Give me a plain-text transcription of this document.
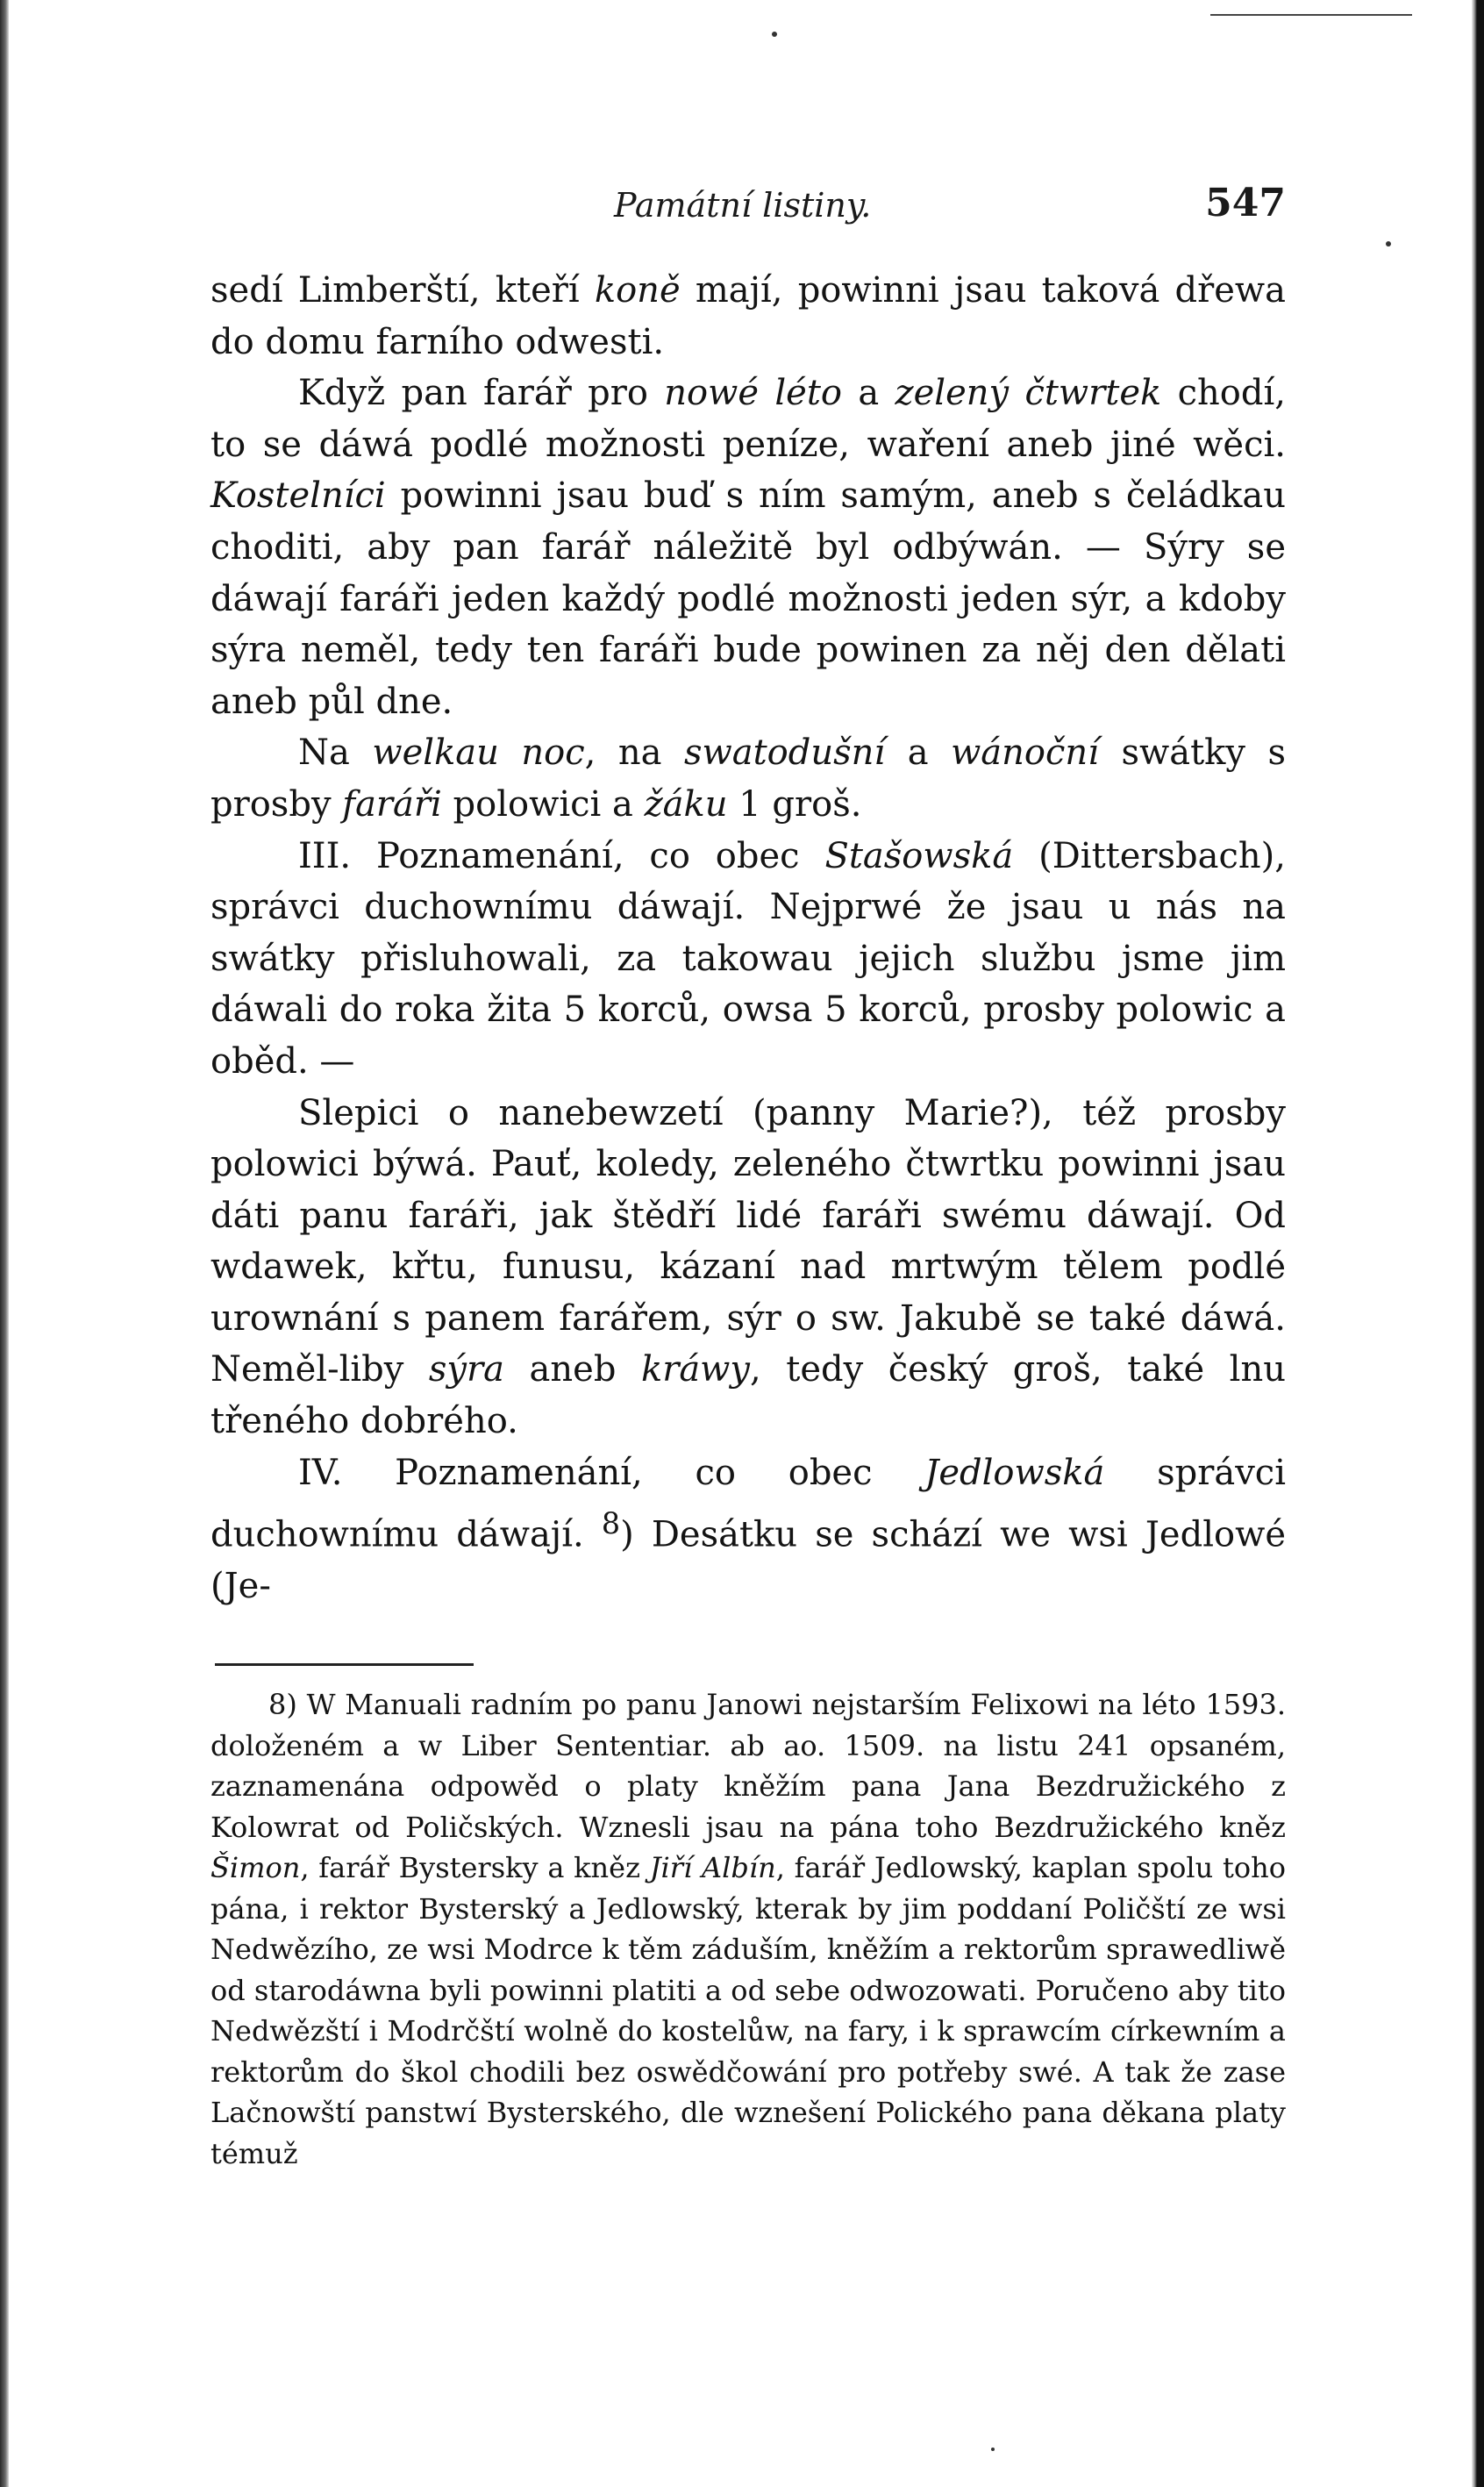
Památní listiny.	547

sedí Limberští, kteří koně mají, powinni jsau taková dřewa do domu farního odwesti.

Když pan farář pro nowé léto a zelený čtwrtek chodí, to se dáwá podlé možnosti peníze, waření aneb jiné wěci. Kostelníci powinni jsau buď s ním samým, aneb s čeládkau choditi, aby pan farář náležitě byl odbýwán. — Sýry se dáwají faráři jeden každý podlé možnosti jeden sýr, a kdoby sýra neměl, tedy ten faráři bude powinen za něj den dělati aneb půl dne.

Na welkau noc, na swatodušní a wánoční swátky s prosby faráři polowici a žáku 1 groš.

III. Poznamenání, co obec Stašowská (Dittersbach), správci duchownímu dáwají. Nejprwé že jsau u nás na swátky přisluhowali, za takowau jejich službu jsme jim dáwali do roka žita 5 korců, owsa 5 korců, prosby polowic a oběd. —

Slepici o nanebewzetí (panny Marie?), též prosby polowici býwá. Pauť, koledy, zeleného čtwrtku powinni jsau dáti panu faráři, jak štědří lidé faráři swému dáwají. Od wdawek, křtu, funusu, kázaní nad mrtwým tělem podlé urownání s panem farářem, sýr o sw. Jakubě se také dáwá. Neměl-liby sýra aneb kráwy, tedy český groš, také lnu třeného dobrého.

IV. Poznamenání, co obec Jedlowská správci duchownímu dáwají. $^8$) Desátku se schází we wsi Jedlowé (Je-

8) W Manuali radním po panu Janowi nejstarším Felixowi na léto 1593. doloženém a w Liber Sententiar. ab ao. 1509. na listu 241 opsaném, zaznamenána odpowěd o platy kněžím pana Jana Bezdružického z Kolowrat od Poličských. Wznesli jsau na pána toho Bezdružického kněz Šimon, farář Bystersky a kněz Jiří Albín, farář Jedlowský, kaplan spolu toho pána, i rektor Bysterský a Jedlowský, kterak by jim poddaní Poličští ze wsi Nedwězího, ze wsi Modrce k těm záduším, kněžím a rektorům sprawedliwě od starodáwna byli powinni platiti a od sebe odwozowati. Poručeno aby tito Nedwězští i Modrčští wolně do kostelůw, na fary, i k sprawcím církewním a rektorům do škol chodili bez oswědčowání pro potřeby swé. A tak že zase Lačnowští panstwí Bysterského, dle wznešení Polického pana děkana platy témuž
